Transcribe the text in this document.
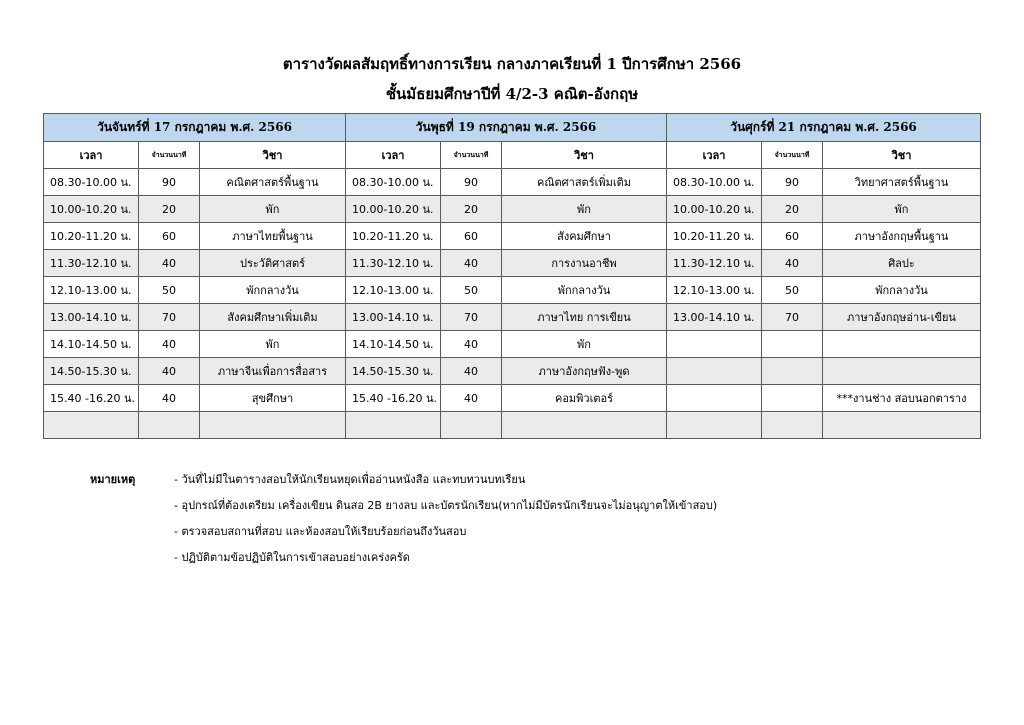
ตารางวัดผลสัมฤทธิ์ทางการเรียน กลางภาคเรียนที่ 1 ปีการศึกษา 2566
ชั้นมัธยมศึกษาปีที่ 4/2-3 คณิต-อังกฤษ
วันจันทร์ที่ 17 กรกฎาคม พ.ศ. 2566			วันพุธที่ 19 กรกฎาคม พ.ศ. 2566			วันศุกร์ที่ 21 กรกฎาคม พ.ศ. 2566		
เวลา	จำนวนนาที	วิชา	เวลา	จำนวนนาที	วิชา	เวลา	จำนวนนาที	วิชา
08.30-10.00 น.	90	คณิตศาสตร์พื้นฐาน	08.30-10.00 น.	90	คณิตศาสตร์เพิ่มเติม	08.30-10.00 น.	90	วิทยาศาสตร์พื้นฐาน
10.00-10.20 น.	20	พัก	10.00-10.20 น.	20	พัก	10.00-10.20 น.	20	พัก
10.20-11.20 น.	60	ภาษาไทยพื้นฐาน	10.20-11.20 น.	60	สังคมศึกษา	10.20-11.20 น.	60	ภาษาอังกฤษพื้นฐาน
11.30-12.10 น.	40	ประวัติศาสตร์	11.30-12.10 น.	40	การงานอาชีพ	11.30-12.10 น.	40	ศิลปะ
12.10-13.00 น.	50	พักกลางวัน	12.10-13.00 น.	50	พักกลางวัน	12.10-13.00 น.	50	พักกลางวัน
13.00-14.10 น.	70	สังคมศึกษาเพิ่มเติม	13.00-14.10 น.	70	ภาษาไทย การเขียน	13.00-14.10 น.	70	ภาษาอังกฤษอ่าน-เขียน
14.10-14.50 น.	40	พัก	14.10-14.50 น.	40	พัก			
14.50-15.30 น.	40	ภาษาจีนเพื่อการสื่อสาร	14.50-15.30 น.	40	ภาษาอังกฤษฟัง-พูด			
15.40 -16.20 น.	40	สุขศึกษา	15.40 -16.20 น.	40	คอมพิวเตอร์			***งานช่าง สอบนอกตาราง

หมายเหตุ	- วันที่ไม่มีในตารางสอบให้นักเรียนหยุดเพื่ออ่านหนังสือ และทบทวนบทเรียน
- อุปกรณ์ที่ต้องเตรียม เครื่องเขียน ดินสอ 2B ยางลบ และบัตรนักเรียน(หากไม่มีบัตรนักเรียนจะไม่อนุญาตให้เข้าสอบ)
- ตรวจสอบสถานที่สอบ และห้องสอบให้เรียบร้อยก่อนถึงวันสอบ
- ปฏิบัติตามข้อปฏิบัติในการเข้าสอบอย่างเคร่งครัด
